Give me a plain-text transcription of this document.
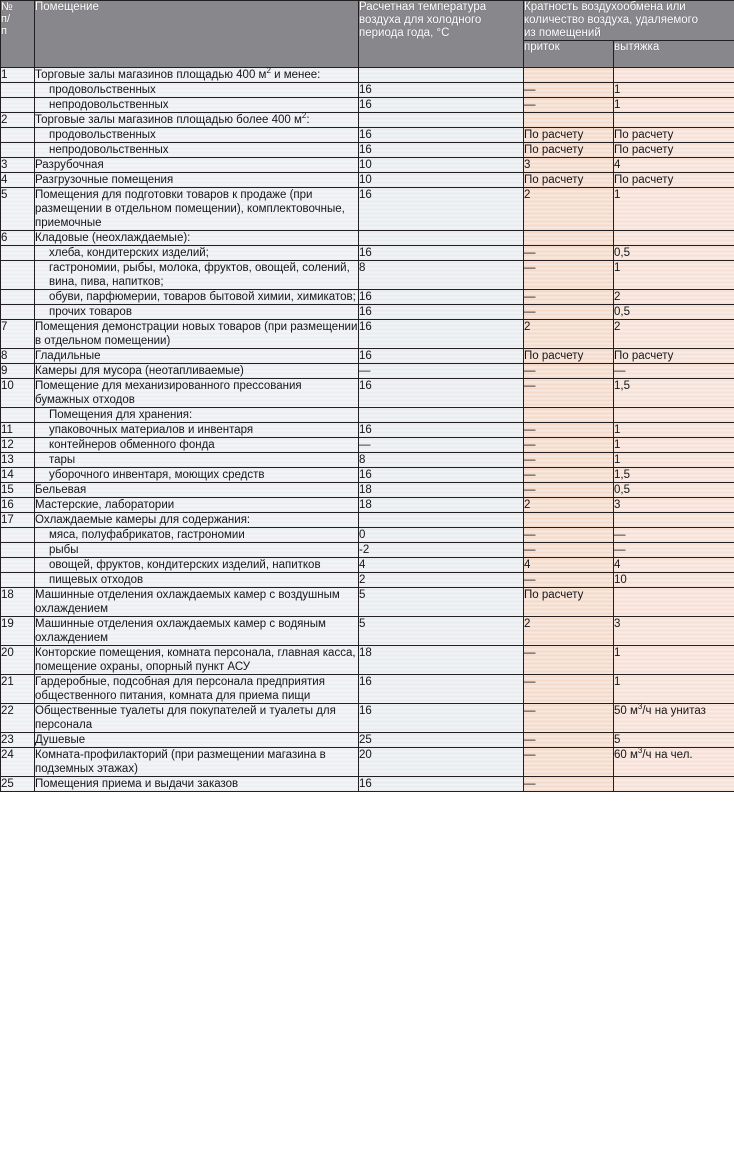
№
п/
п	Помещение	Расчетная температура
воздуха для холодного
периода года, °C	Кратность воздухообмена или
количество воздуха, удаляемого
из помещений	

			приток	вытяжка
1	Торговые залы магазинов площадью 400 $м^2$ и менее:			
	продовольственных	16	—	1
	непродовольственных	16	—	1
2	Торговые залы магазинов площадью более 400 $м^2$:			
	продовольственных	16	По расчету	По расчету
	непродовольственных	16	По расчету	По расчету
3	Разрубочная	10	3	4
4	Разгрузочные помещения	10	По расчету	По расчету
5	Помещения для подготовки товаров к продаже (при размещении в отдельном помещении), комплектовочные, приемочные	16	2	1
6	Кладовые (неохлаждаемые):			
	хлеба, кондитерских изделий;	16	—	0,5
	гастрономии, рыбы, молока, фруктов, овощей, солений, вина, пива, напитков;	8	—	1
	обуви, парфюмерии, товаров бытовой химии, химикатов;	16	—	2
	прочих товаров	16	—	0,5
7	Помещения демонстрации новых товаров (при размещении в отдельном помещении)	16	2	2
8	Гладильные	16	По расчету	По расчету
9	Камеры для мусора (неотапливаемые)	—	—	—
10	Помещение для механизированного прессования бумажных отходов	16	—	1,5
	Помещения для хранения:			
11	упаковочных материалов и инвентаря	16	—	1
12	контейнеров обменного фонда	—	—	1
13	тары	8	—	1
14	уборочного инвентаря, моющих средств	16	—	1,5
15	Бельевая	18	—	0,5
16	Мастерские, лаборатории	18	2	3
17	Охлаждаемые камеры для содержания:			
	мяса, полуфабрикатов, гастрономии	0	—	—
	рыбы	-2	—	—
	овощей, фруктов, кондитерских изделий, напитков	4	4	4
	пищевых отходов	2	—	10
18	Машинные отделения охлаждаемых камер с воздушным охлаждением	5	По расчету	
19	Машинные отделения охлаждаемых камер с водяным охлаждением	5	2	3
20	Конторские помещения, комната персонала, главная касса, помещение охраны, опорный пункт АСУ	18	—	1
21	Гардеробные, подсобная для персонала предприятия общественного питания, комната для приема пищи	16	—	1
22	Общественные туалеты для покупателей и туалеты для персонала	16	—	50 $м^3/ч$ на унитаз
23	Душевые	25	—	5
24	Комната-профилакторий (при размещении магазина в подземных этажах)	20	—	60 $м^3/ч$ на чел.
25	Помещения приема и выдачи заказов	16	—	
